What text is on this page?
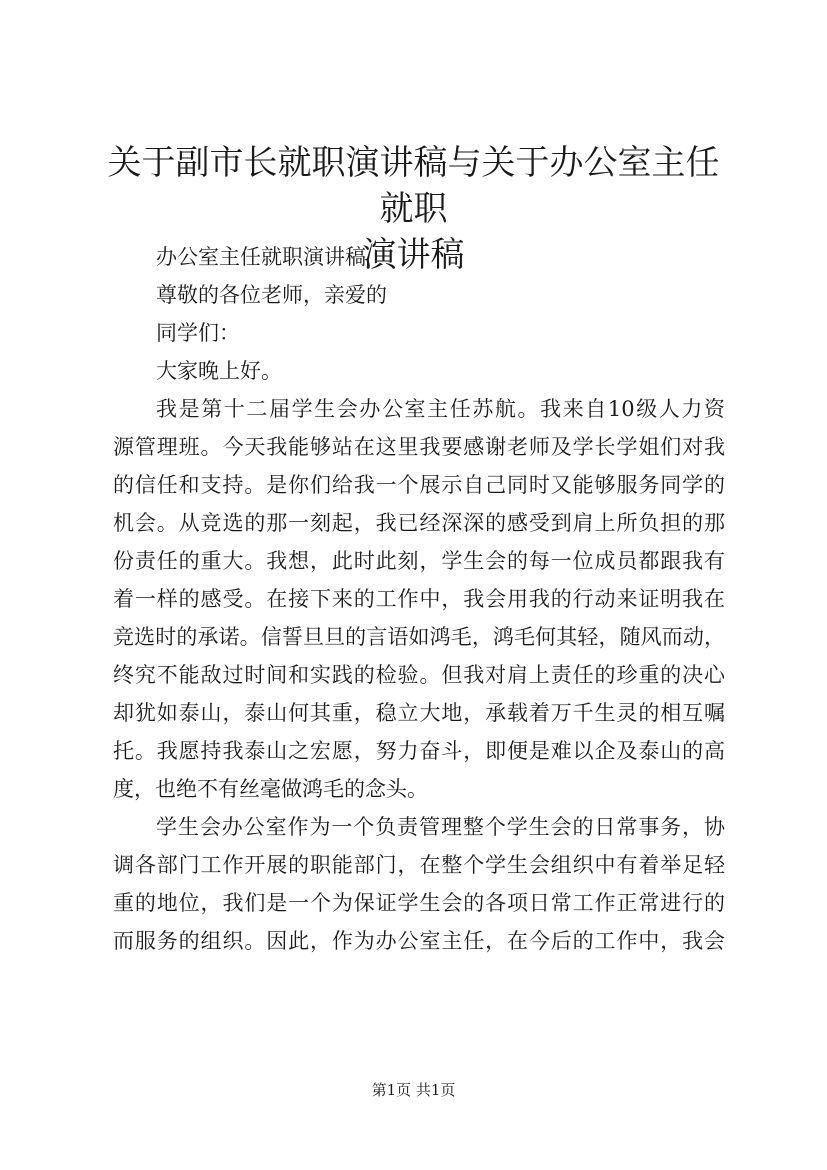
关于副市长就职演讲稿与关于办公室主任就职
演讲稿

办公室主任就职演讲稿

尊敬的各位老师，亲爱的

同学们：

大家晚上好。

我是第十二届学生会办公室主任苏航。我来自10级人力资

源管理班。今天我能够站在这里我要感谢老师及学长学姐们对我

的信任和支持。是你们给我一个展示自己同时又能够服务同学的

机会。从竞选的那一刻起，我已经深深的感受到肩上所负担的那

份责任的重大。我想，此时此刻，学生会的每一位成员都跟我有

着一样的感受。在接下来的工作中，我会用我的行动来证明我在

竞选时的承诺。信誓旦旦的言语如鸿毛，鸿毛何其轻，随风而动，

终究不能敌过时间和实践的检验。但我对肩上责任的珍重的决心

却犹如泰山，泰山何其重，稳立大地，承载着万千生灵的相互嘱

托。我愿持我泰山之宏愿，努力奋斗，即便是难以企及泰山的高

度，也绝不有丝毫做鸿毛的念头。

学生会办公室作为一个负责管理整个学生会的日常事务，协

调各部门工作开展的职能部门，在整个学生会组织中有着举足轻

重的地位，我们是一个为保证学生会的各项日常工作正常进行的

而服务的组织。因此，作为办公室主任，在今后的工作中，我会

第1页 共1页
